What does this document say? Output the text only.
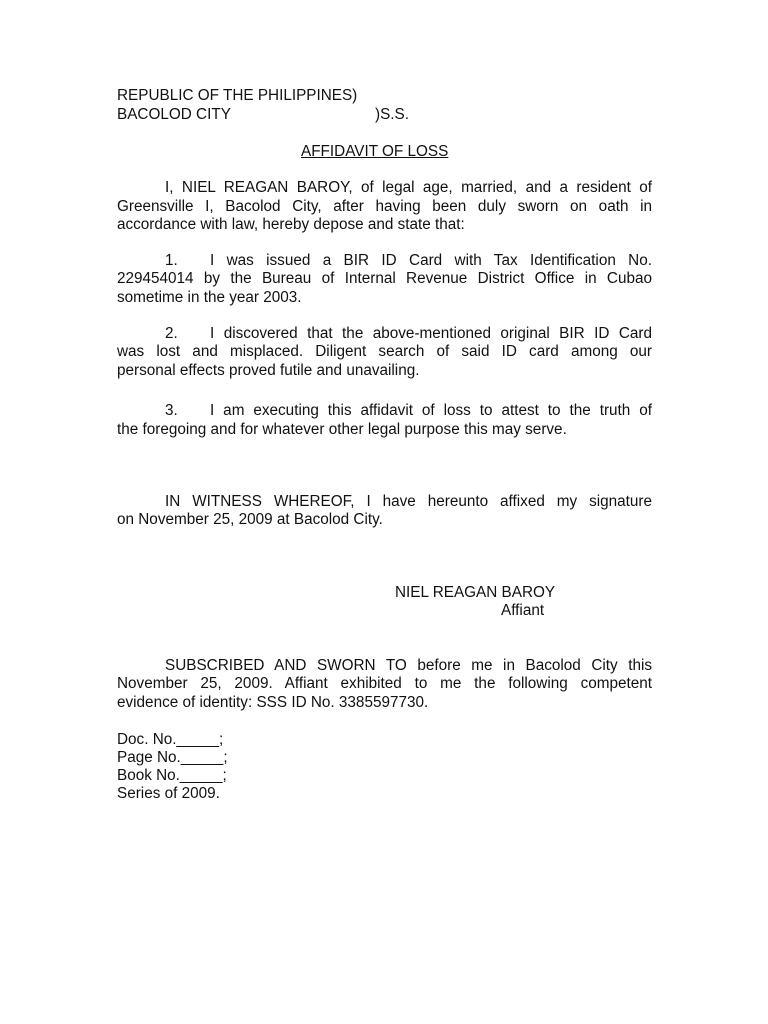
REPUBLIC OF THE PHILIPPINES)

BACOLOD CITY	)S.S.

AFFIDAVIT OF LOSS

I, NIEL REAGAN BAROY, of legal age, married, and a resident of

Greensville I, Bacolod City, after having been duly sworn on oath in

accordance with law, hereby depose and state that:

1. I was issued a BIR ID Card with Tax Identification No.

229454014 by the Bureau of Internal Revenue District Office in Cubao

sometime in the year 2003.

2. I discovered that the above-mentioned original BIR ID Card

was lost and misplaced. Diligent search of said ID card among our

personal effects proved futile and unavailing.

3. I am executing this affidavit of loss to attest to the truth of

the foregoing and for whatever other legal purpose this may serve.

IN WITNESS WHEREOF, I have hereunto affixed my signature

on November 25, 2009 at Bacolod City.

NIEL REAGAN BAROY

Affiant

SUBSCRIBED AND SWORN TO before me in Bacolod City this

November 25, 2009. Affiant exhibited to me the following competent

evidence of identity: SSS ID No. 3385597730.

Doc. No._____;

Page No._____;

Book No._____;

Series of 2009.
